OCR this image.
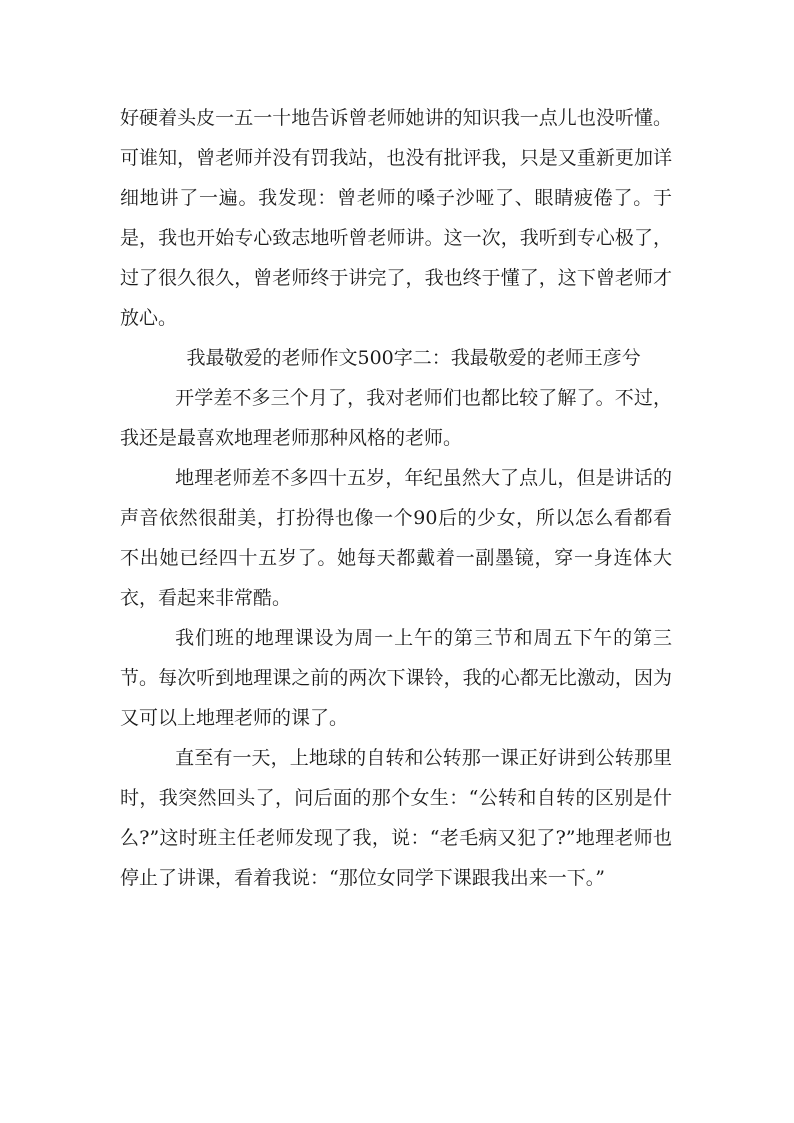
好硬着头皮一五一十地告诉曾老师她讲的知识我一点儿也没听懂。可谁知，曾老师并没有罚我站，也没有批评我，只是又重新更加详细地讲了一遍。我发现：曾老师的嗓子沙哑了、眼睛疲倦了。于是，我也开始专心致志地听曾老师讲。这一次，我听到专心极了，过了很久很久，曾老师终于讲完了，我也终于懂了，这下曾老师才放心。

我最敬爱的老师作文500字二：我最敬爱的老师王彦兮

开学差不多三个月了，我对老师们也都比较了解了。不过，我还是最喜欢地理老师那种风格的老师。

地理老师差不多四十五岁，年纪虽然大了点儿，但是讲话的声音依然很甜美，打扮得也像一个90后的少女，所以怎么看都看不出她已经四十五岁了。她每天都戴着一副墨镜，穿一身连体大衣，看起来非常酷。

我们班的地理课设为周一上午的第三节和周五下午的第三节。每次听到地理课之前的两次下课铃，我的心都无比激动，因为又可以上地理老师的课了。

直至有一天，上地球的自转和公转那一课正好讲到公转那里时，我突然回头了，问后面的那个女生：“公转和自转的区别是什么?”这时班主任老师发现了我，说：“老毛病又犯了?”地理老师也停止了讲课，看着我说：“那位女同学下课跟我出来一下。”
